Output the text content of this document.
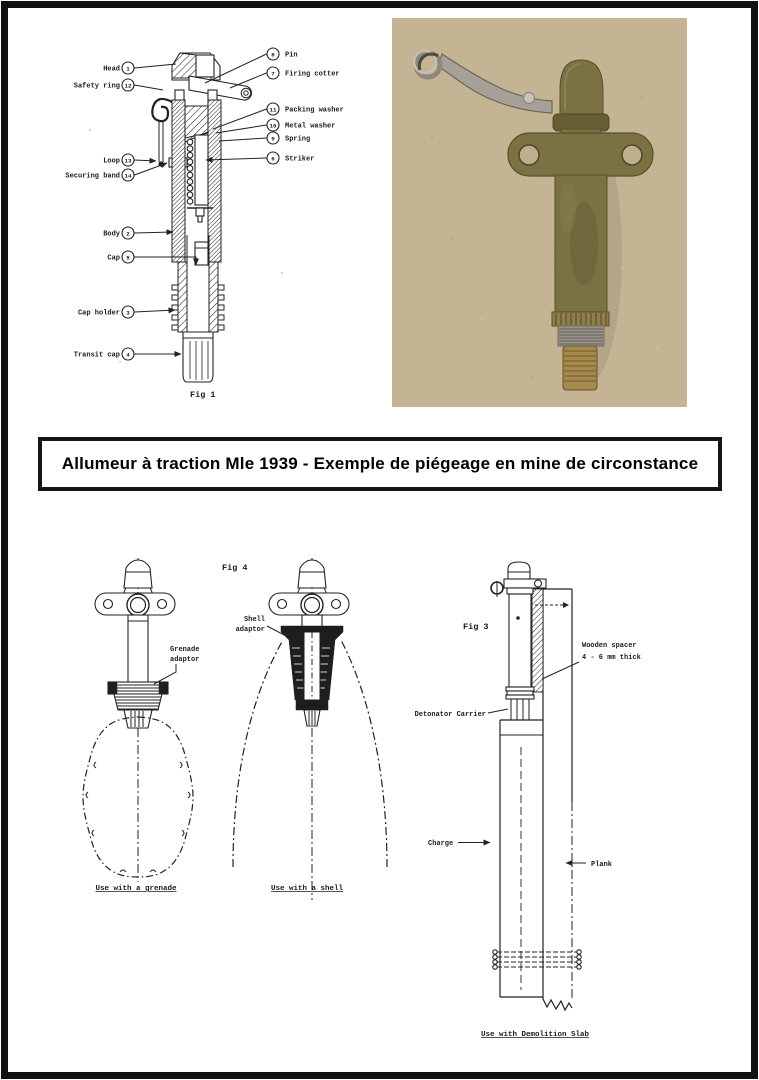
1
Head
12
Safety ring
13
Loop
14
Securing band
2
Body
5
Cap
3
Cap holder
4
Transit cap
8 Pin
7 Firing cotter
11 Packing washer
10 Metal washer
9 Spring
6 Striker
Fig 1
Allumeur à traction Mle 1939 - Exemple de piégeage en mine de circonstance
Grenade
adaptor
Use with a grenade
Fig 4
Shell
adaptor
Use with a shell
Fig 3
Wooden spacer
4 - 6 mm thick
Detonator Carrier
Charge
Plank
Use with Demolition Slab
